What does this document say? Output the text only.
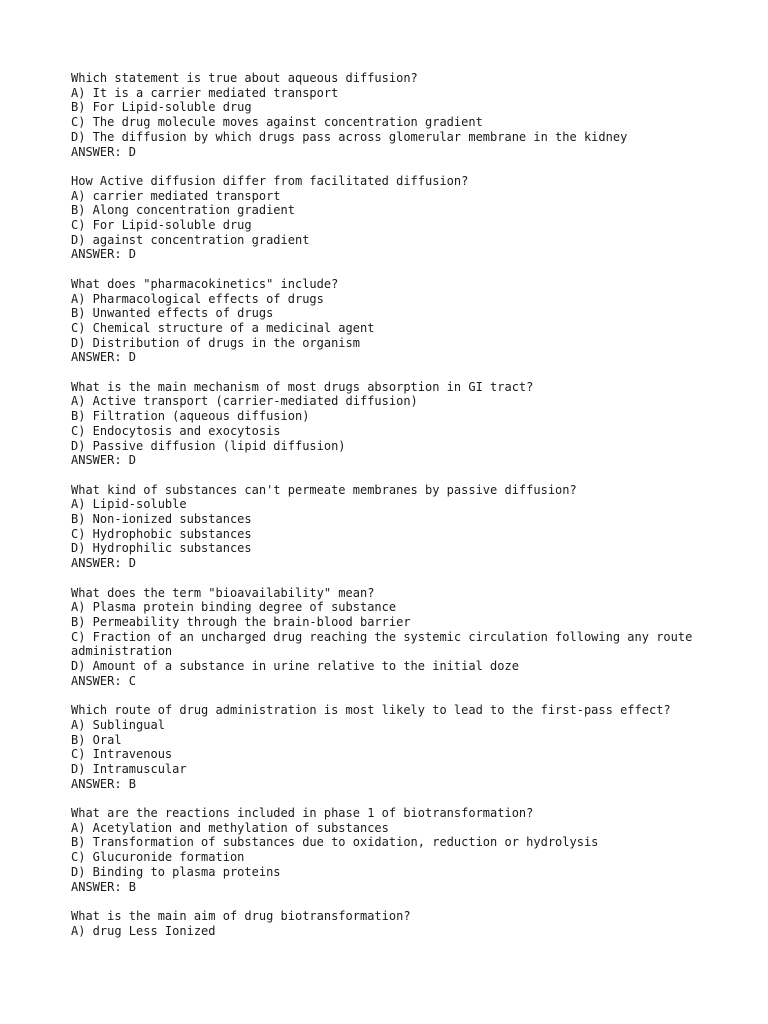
Which statement is true about aqueous diffusion?
A) It is a carrier mediated transport
B) For Lipid-soluble drug
C) The drug molecule moves against concentration gradient
D) The diffusion by which drugs pass across glomerular membrane in the kidney
ANSWER: D
How Active diffusion differ from facilitated diffusion?
A) carrier mediated transport
B) Along concentration gradient
C) For Lipid-soluble drug
D) against concentration gradient
ANSWER: D
What does "pharmacokinetics" include?
A) Pharmacological effects of drugs
B) Unwanted effects of drugs
C) Chemical structure of a medicinal agent
D) Distribution of drugs in the organism
ANSWER: D
What is the main mechanism of most drugs absorption in GI tract?
A) Active transport (carrier-mediated diffusion)
B) Filtration (aqueous diffusion)
C) Endocytosis and exocytosis
D) Passive diffusion (lipid diffusion)
ANSWER: D
What kind of substances can't permeate membranes by passive diffusion?
A) Lipid-soluble
B) Non-ionized substances
C) Hydrophobic substances
D) Hydrophilic substances
ANSWER: D
What does the term "bioavailability" mean?
A) Plasma protein binding degree of substance
B) Permeability through the brain-blood barrier
C) Fraction of an uncharged drug reaching the systemic circulation following any route administration
D) Amount of a substance in urine relative to the initial doze
ANSWER: C
Which route of drug administration is most likely to lead to the first-pass effect?
A) Sublingual
B) Oral
C) Intravenous
D) Intramuscular
ANSWER: B
What are the reactions included in phase 1 of biotransformation?
A) Acetylation and methylation of substances
B) Transformation of substances due to oxidation, reduction or hydrolysis
C) Glucuronide formation
D) Binding to plasma proteins
ANSWER: B
What is the main aim of drug biotransformation?
A) drug Less Ionized
